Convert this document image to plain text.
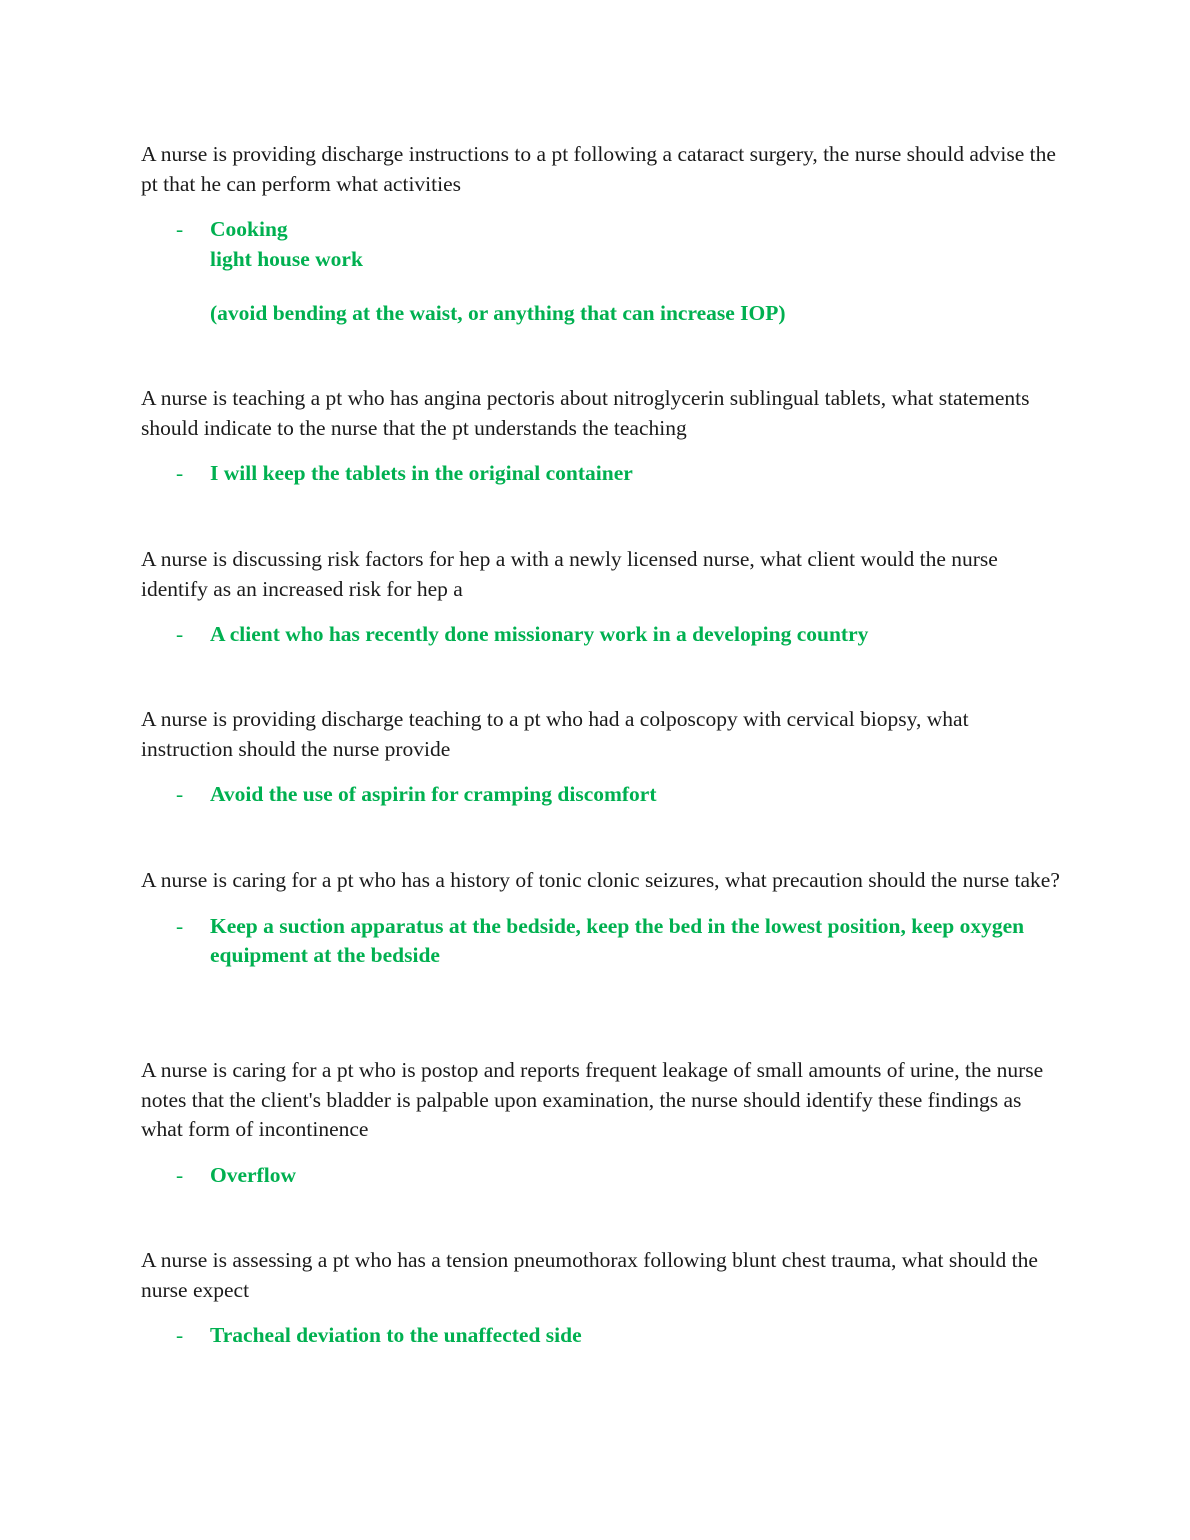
A nurse is providing discharge instructions to a pt following a cataract surgery, the nurse should advise the pt that he can perform what activities

- Cooking
light house work
(avoid bending at the waist, or anything that can increase IOP)

A nurse is teaching a pt who has angina pectoris about nitroglycerin sublingual tablets, what statements should indicate to the nurse that the pt understands the teaching

- I will keep the tablets in the original container

A nurse is discussing risk factors for hep a with a newly licensed nurse, what client would the nurse identify as an increased risk for hep a

- A client who has recently done missionary work in a developing country

A nurse is providing discharge teaching to a pt who had a colposcopy with cervical biopsy, what instruction should the nurse provide

- Avoid the use of aspirin for cramping discomfort

A nurse is caring for a pt who has a history of tonic clonic seizures, what precaution should the nurse take?

- Keep a suction apparatus at the bedside, keep the bed in the lowest position, keep oxygen equipment at the bedside

A nurse is caring for a pt who is postop and reports frequent leakage of small amounts of urine, the nurse notes that the client's bladder is palpable upon examination, the nurse should identify these findings as what form of incontinence

- Overflow

A nurse is assessing a pt who has a tension pneumothorax following blunt chest trauma, what should the nurse expect

- Tracheal deviation to the unaffected side
